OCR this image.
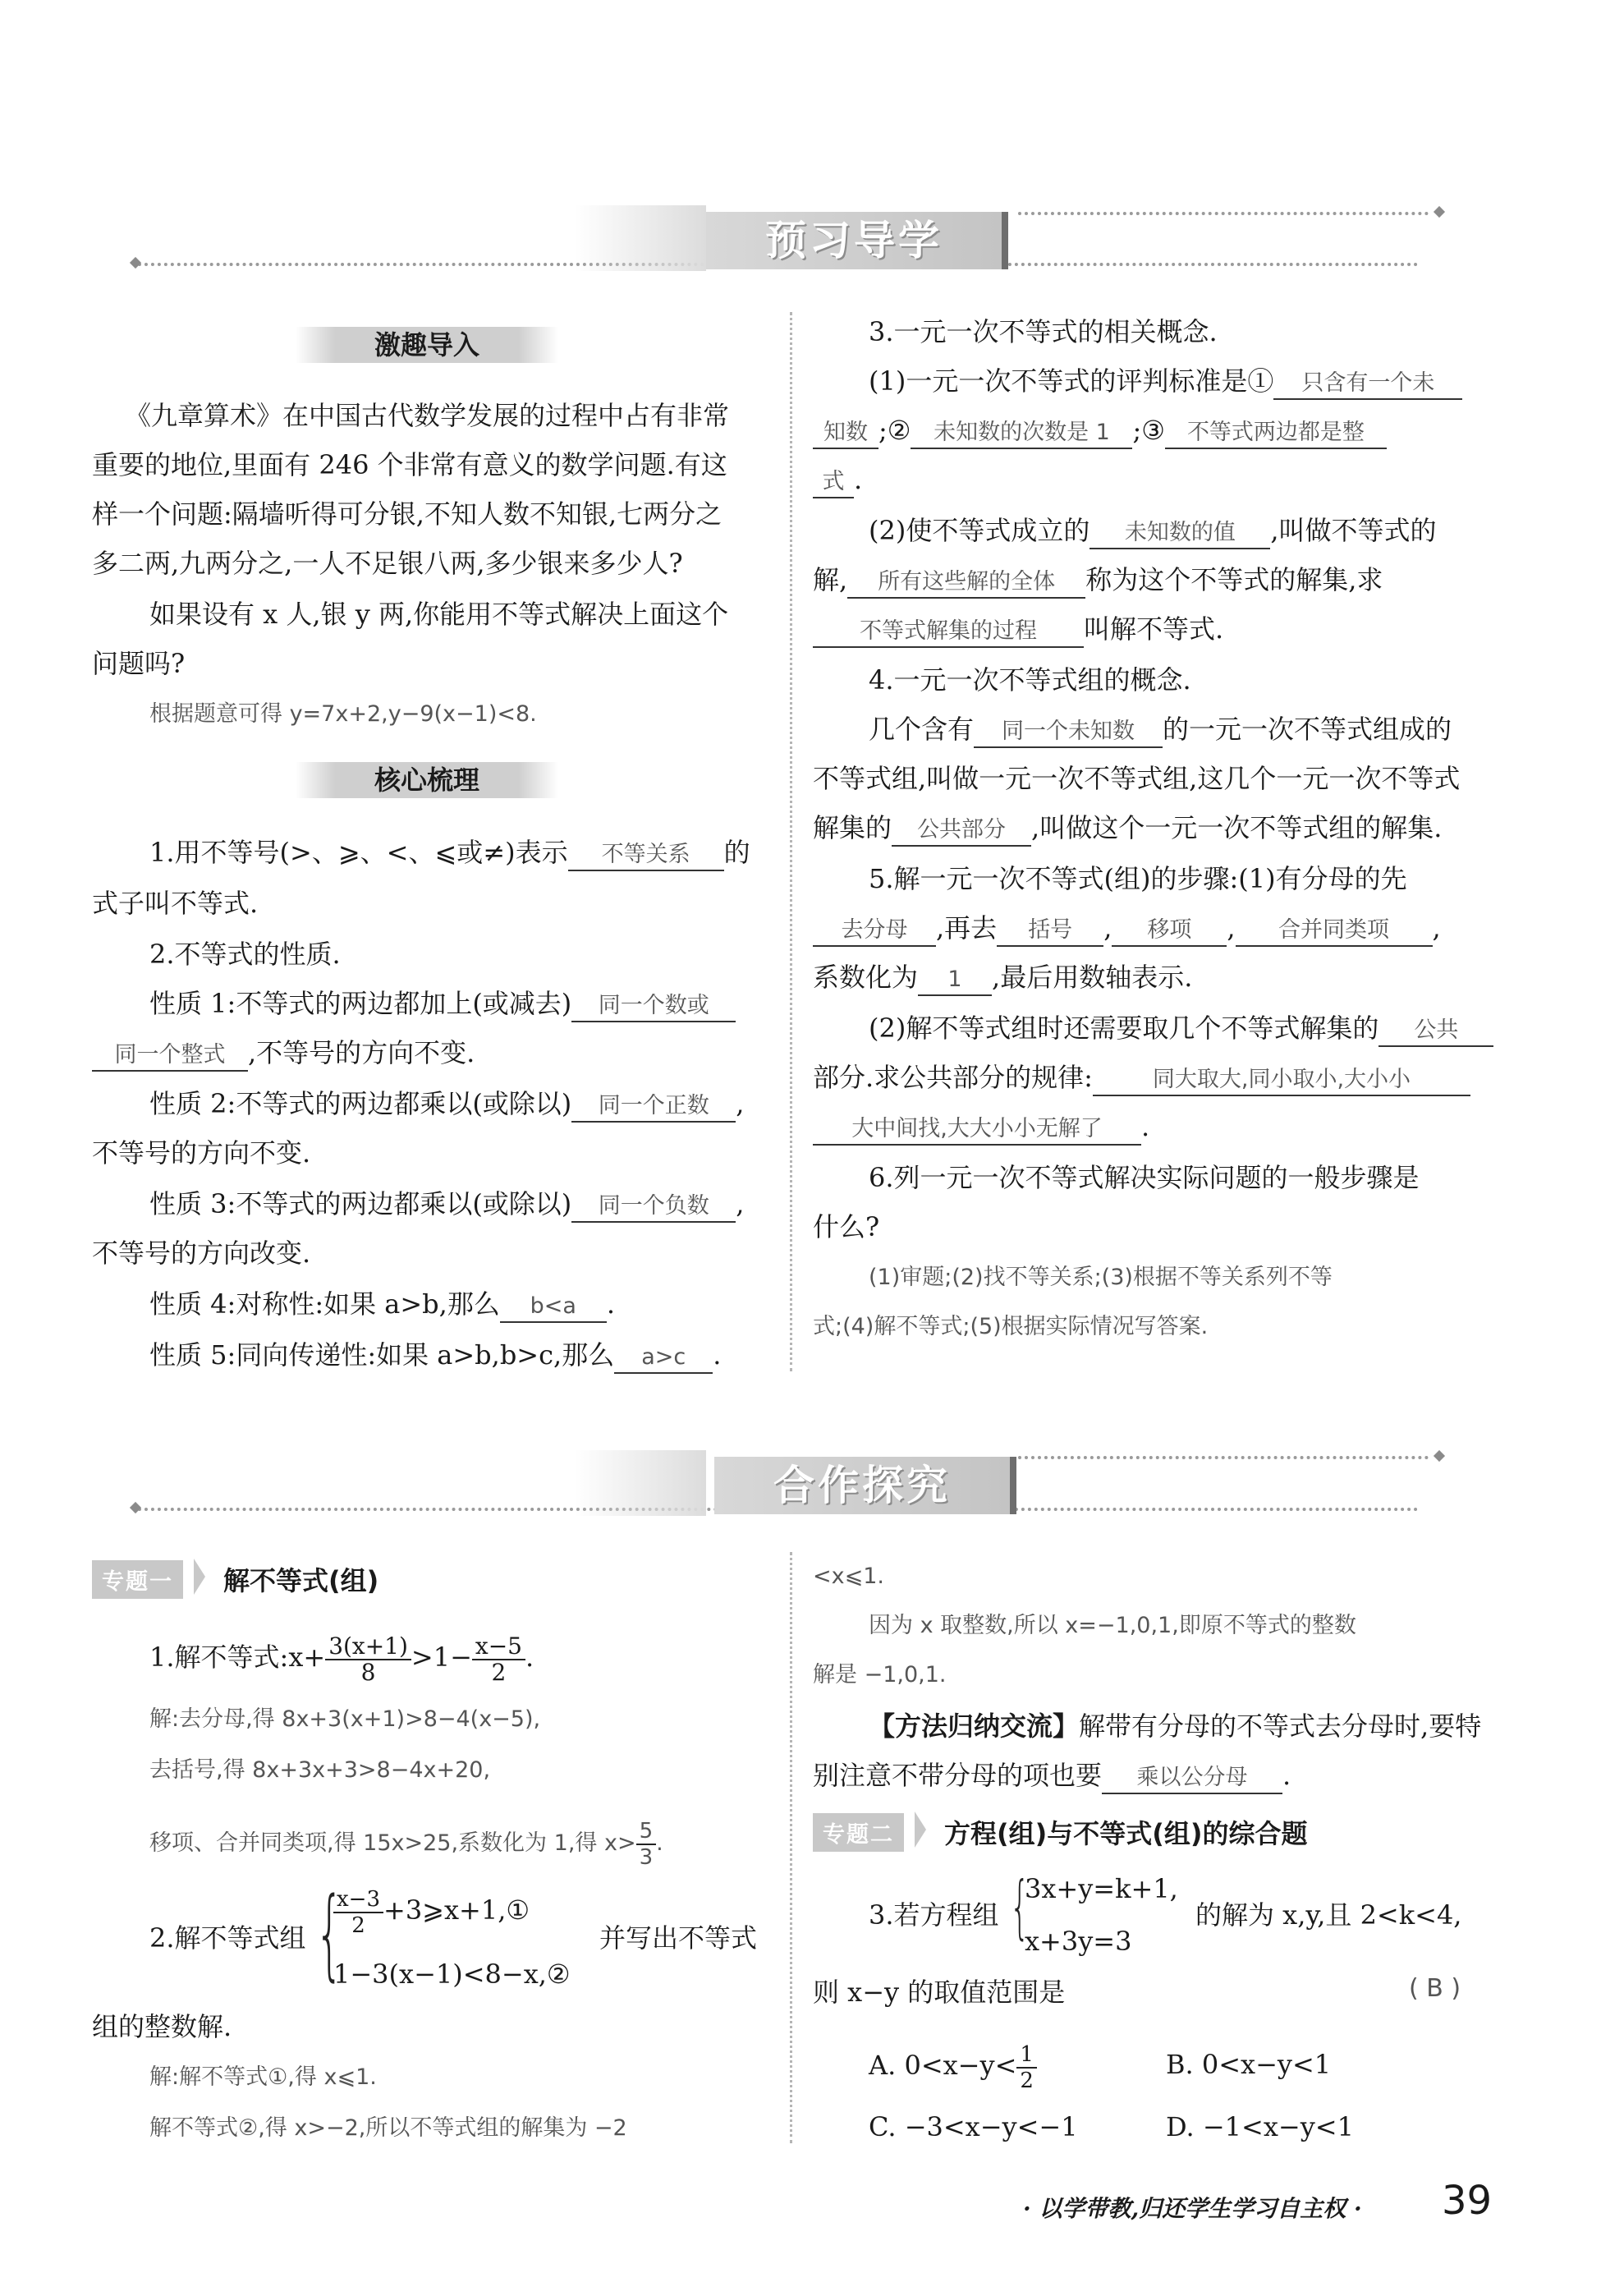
预习导学
激趣导入
《九章算术》在中国古代数学发展的过程中占有非常
重要的地位,里面有 246 个非常有意义的数学问题.有这
样一个问题:隔墙听得可分银,不知人数不知银,七两分之
多二两,九两分之,一人不足银八两,多少银来多少人?
如果设有 x 人,银 y 两,你能用不等式解决上面这个
问题吗?
根据题意可得 y=7x+2,y−9(x−1)<8.
核心梳理
1.用不等号(>、⩾、<、⩽或≠)表示 不等关系 的
式子叫不等式.
2.不等式的性质.
性质 1:不等式的两边都加上(或减去) 同一个数或
同一个整式 ,不等号的方向不变.
性质 2:不等式的两边都乘以(或除以) 同一个正数 ,
不等号的方向不变.
性质 3:不等式的两边都乘以(或除以) 同一个负数 ,
不等号的方向改变.
性质 4:对称性:如果 a>b,那么 b<a .
性质 5:同向传递性:如果 a>b,b>c,那么 a>c .
3.一元一次不等式的相关概念.
(1)一元一次不等式的评判标准是① 只含有一个未
知数 ;② 未知数的次数是 1 ;③ 不等式两边都是整
式 .
(2)使不等式成立的 未知数的值 ,叫做不等式的
解, 所有这些解的全体 称为这个不等式的解集,求
不等式解集的过程 叫解不等式.
4.一元一次不等式组的概念.
几个含有 同一个未知数 的一元一次不等式组成的
不等式组,叫做一元一次不等式组,这几个一元一次不等式
解集的 公共部分 ,叫做这个一元一次不等式组的解集.
5.解一元一次不等式(组)的步骤:(1)有分母的先
去分母 ,再去 括号 , 移项 , 合并同类项 ,
系数化为 1 ,最后用数轴表示.
(2)解不等式组时还需要取几个不等式解集的 公共
部分.求公共部分的规律:	同大取大,同小取小,大小小
大中间找,大大小小无解了 .
6.列一元一次不等式解决实际问题的一般步骤是
什么?
(1)审题;(2)找不等关系;(3)根据不等关系列不等
式;(4)解不等式;(5)根据实际情况写答案.
合作探究
专题一	解不等式(组)
1.解不等式:x+ $\frac{3(x+1)}{8} >1- \frac{x-5}{2}$ .
解:去分母,得 8x+3(x+1)>8−4(x−5),
去括号,得 8x+3x+3>8−4x+20,
移项、合并同类项,得 15x>25,系数化为 1,得 $x> \frac{5}{3}$ .
2.解不等式组 {
$\frac{x-3}{2}$ +3⩾x+1,①
1−3(x−1)<8−x,②
并写出不等式
组的整数解.
解:解不等式①,得 x⩽1.
解不等式②,得 x>−2,所以不等式组的解集为 −2
<x⩽1.
因为 x 取整数,所以 x=−1,0,1,即原不等式的整数
解是 −1,0,1.
【方法归纳交流】解带有分母的不等式去分母时,要特
别注意不带分母的项也要 乘以公分母 .
专题二	方程(组)与不等式(组)的综合题
3.若方程组 {
3x+y=k+1,
x+3y=3
的解为 x,y,且 2<k<4,
则 x−y 的取值范围是	( B )
A. $0<x-y< \frac{1}{2}$	B. 0<x−y<1
C. −3<x−y<−1	D. −1<x−y<1
· 以学带教,归还学生学习自主权 · 39
